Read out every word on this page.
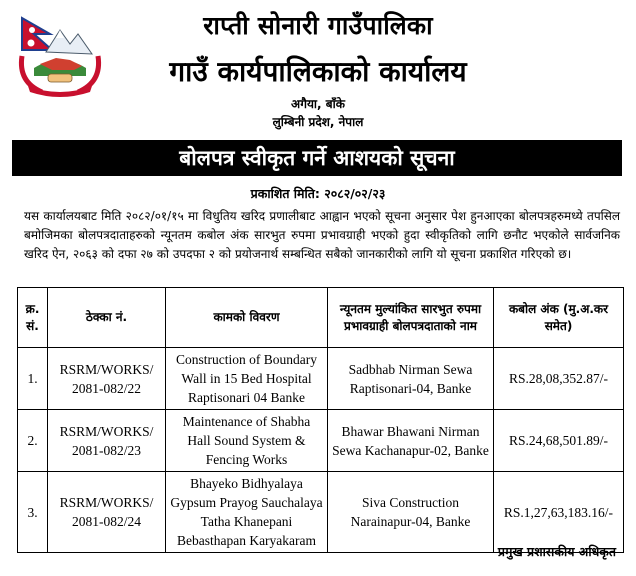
राप्ती सोनारी गाउँपालिका
गाउँ कार्यपालिकाको कार्यालय
अगैया, बाँके
लुम्बिनी प्रदेश, नेपाल
बोलपत्र स्वीकृत गर्ने आशयको सूचना
प्रकाशित मिति: २०८२/०२/२३
यस कार्यालयबाट मिति २०८२/०१/१५ मा विधुतिय खरिद प्रणालीबाट आह्वान भएको सूचना अनुसार पेश हुनआएका बोलपत्रहरुमध्ये तपसिल बमोजिमका बोलपत्रदाताहरुको न्यूनतम कबोल अंक सारभुत रुपमा प्रभावग्राही भएको हुदा स्वीकृतिको लागि छनौट भएकोले सार्वजनिक खरिद ऐन, २०६३ को दफा २७ को उपदफा २ को प्रयोजनार्थ सम्बन्धित सबैको जानकारीको लागि यो सूचना प्रकाशित गरिएको छ।
क्र. सं.	ठेक्का नं.	कामको विवरण	न्यूनतम मुल्यांकित सारभुत रुपमा प्रभावग्राही बोलपत्रदाताको नाम	कबोल अंक (मु.अ.कर समेत)
1.	RSRM/WORKS/ 2081-082/22	Construction of Boundary Wall in 15 Bed Hospital Raptisonari 04 Banke	Sadbhab Nirman Sewa Raptisonari-04, Banke	RS.28,08,352.87/-
2.	RSRM/WORKS/ 2081-082/23	Maintenance of Shabha Hall Sound System & Fencing Works	Bhawar Bhawani Nirman Sewa Kachanapur-02, Banke	RS.24,68,501.89/-
3.	RSRM/WORKS/ 2081-082/24	Bhayeko Bidhyalaya Gypsum Prayog Sauchalaya Tatha Khanepani Bebasthapan Karyakaram	Siva Construction Narainapur-04, Banke	RS.1,27,63,183.16/-
प्रमुख प्रशासकीय अधिकृत
